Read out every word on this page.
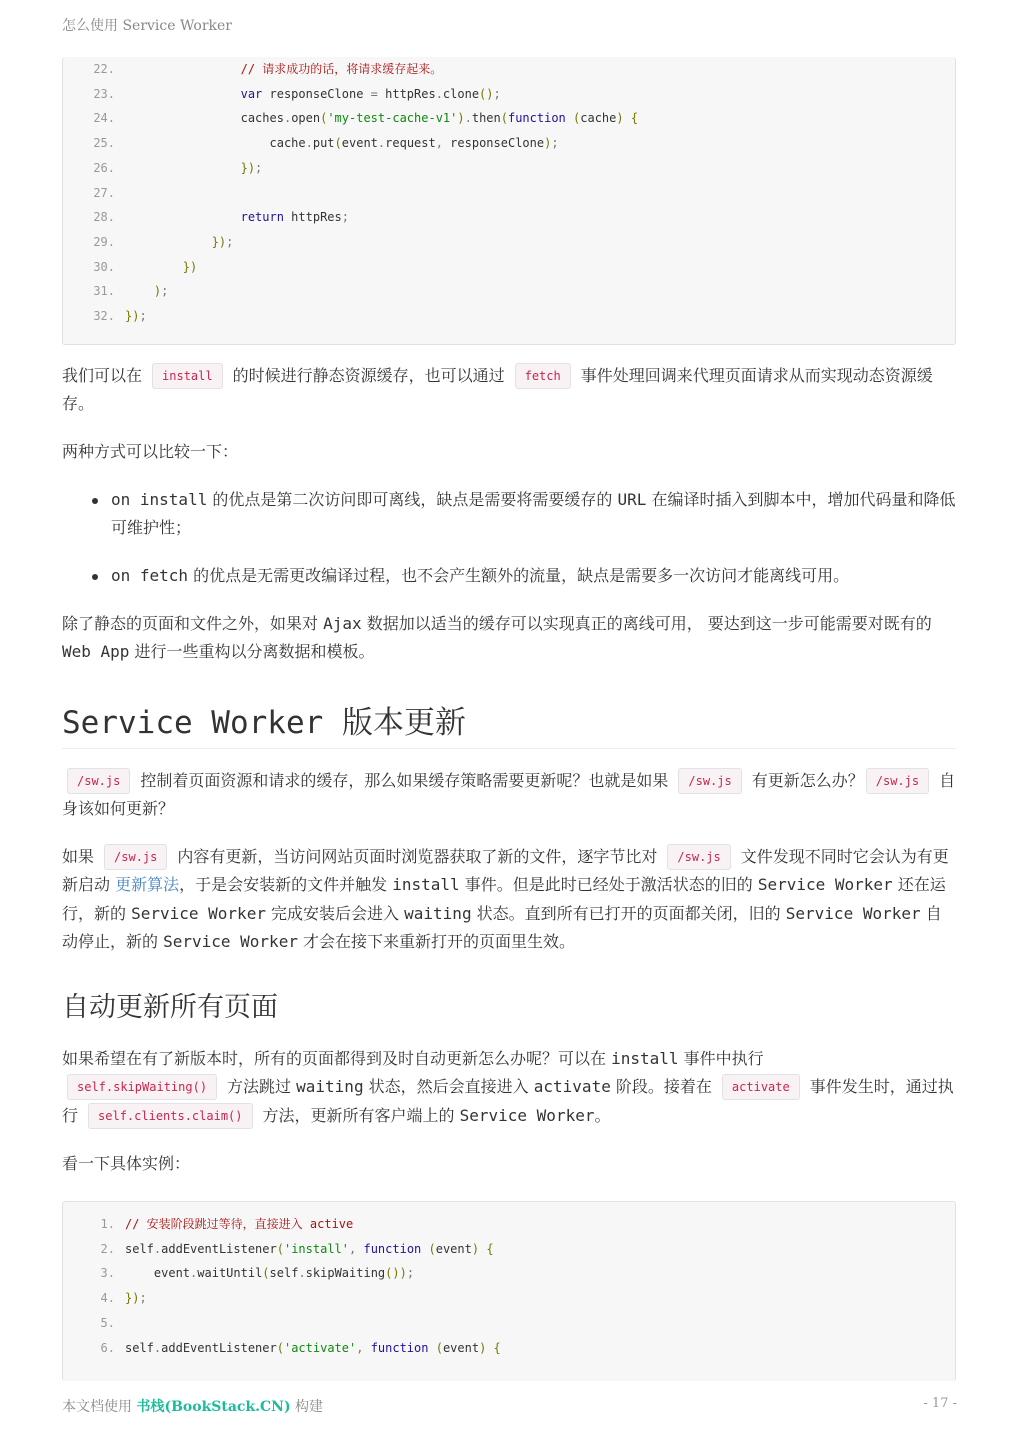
怎么使用 Service Worker
22.	// 请求成功的话，将请求缓存起来。
23.	var responseClone = httpRes.clone();
24.	caches.open('my-test-cache-v1').then(function (cache) {
25.	cache.put(event.request, responseClone);
26.	});
27.
28.	return httpRes;
29.	});
30.	})
31.	);
32. });

我们可以在 install 的时候进行静态资源缓存，也可以通过 fetch 事件处理回调来代理页面请求从而实现动态资源缓存。

两种方式可以比较一下：

on install 的优点是第二次访问即可离线，缺点是需要将需要缓存的 URL 在编译时插入到脚本中，增加代码量和降低可维护性；
on fetch 的优点是无需更改编译过程，也不会产生额外的流量，缺点是需要多一次访问才能离线可用。

除了静态的页面和文件之外，如果对 Ajax 数据加以适当的缓存可以实现真正的离线可用， 要达到这一步可能需要对既有的 Web App 进行一些重构以分离数据和模板。

Service Worker 版本更新

/sw.js 控制着页面资源和请求的缓存，那么如果缓存策略需要更新呢？也就是如果 /sw.js 有更新怎么办？ /sw.js 自身该如何更新？

如果 /sw.js 内容有更新，当访问网站页面时浏览器获取了新的文件，逐字节比对 /sw.js 文件发现不同时它会认为有更新启动 更新算法，于是会安装新的文件并触发 install 事件。但是此时已经处于激活状态的旧的 Service Worker 还在运行，新的 Service Worker 完成安装后会进入 waiting 状态。直到所有已打开的页面都关闭，旧的 Service Worker 自动停止，新的 Service Worker 才会在接下来重新打开的页面里生效。

自动更新所有页面

如果希望在有了新版本时，所有的页面都得到及时自动更新怎么办呢？可以在 install 事件中执行
self.skipWaiting() 方法跳过 waiting 状态，然后会直接进入 activate 阶段。接着在 activate 事件发生时，通过执行 self.clients.claim() 方法，更新所有客户端上的 Service Worker。

看一下具体实例：

1. // 安装阶段跳过等待，直接进入 active
2. self.addEventListener('install', function (event) {
3.	event.waitUntil(self.skipWaiting());
4. });
5.
6. self.addEventListener('activate', function (event) {
本文档使用 书栈(BookStack.CN) 构建	- 17 -
